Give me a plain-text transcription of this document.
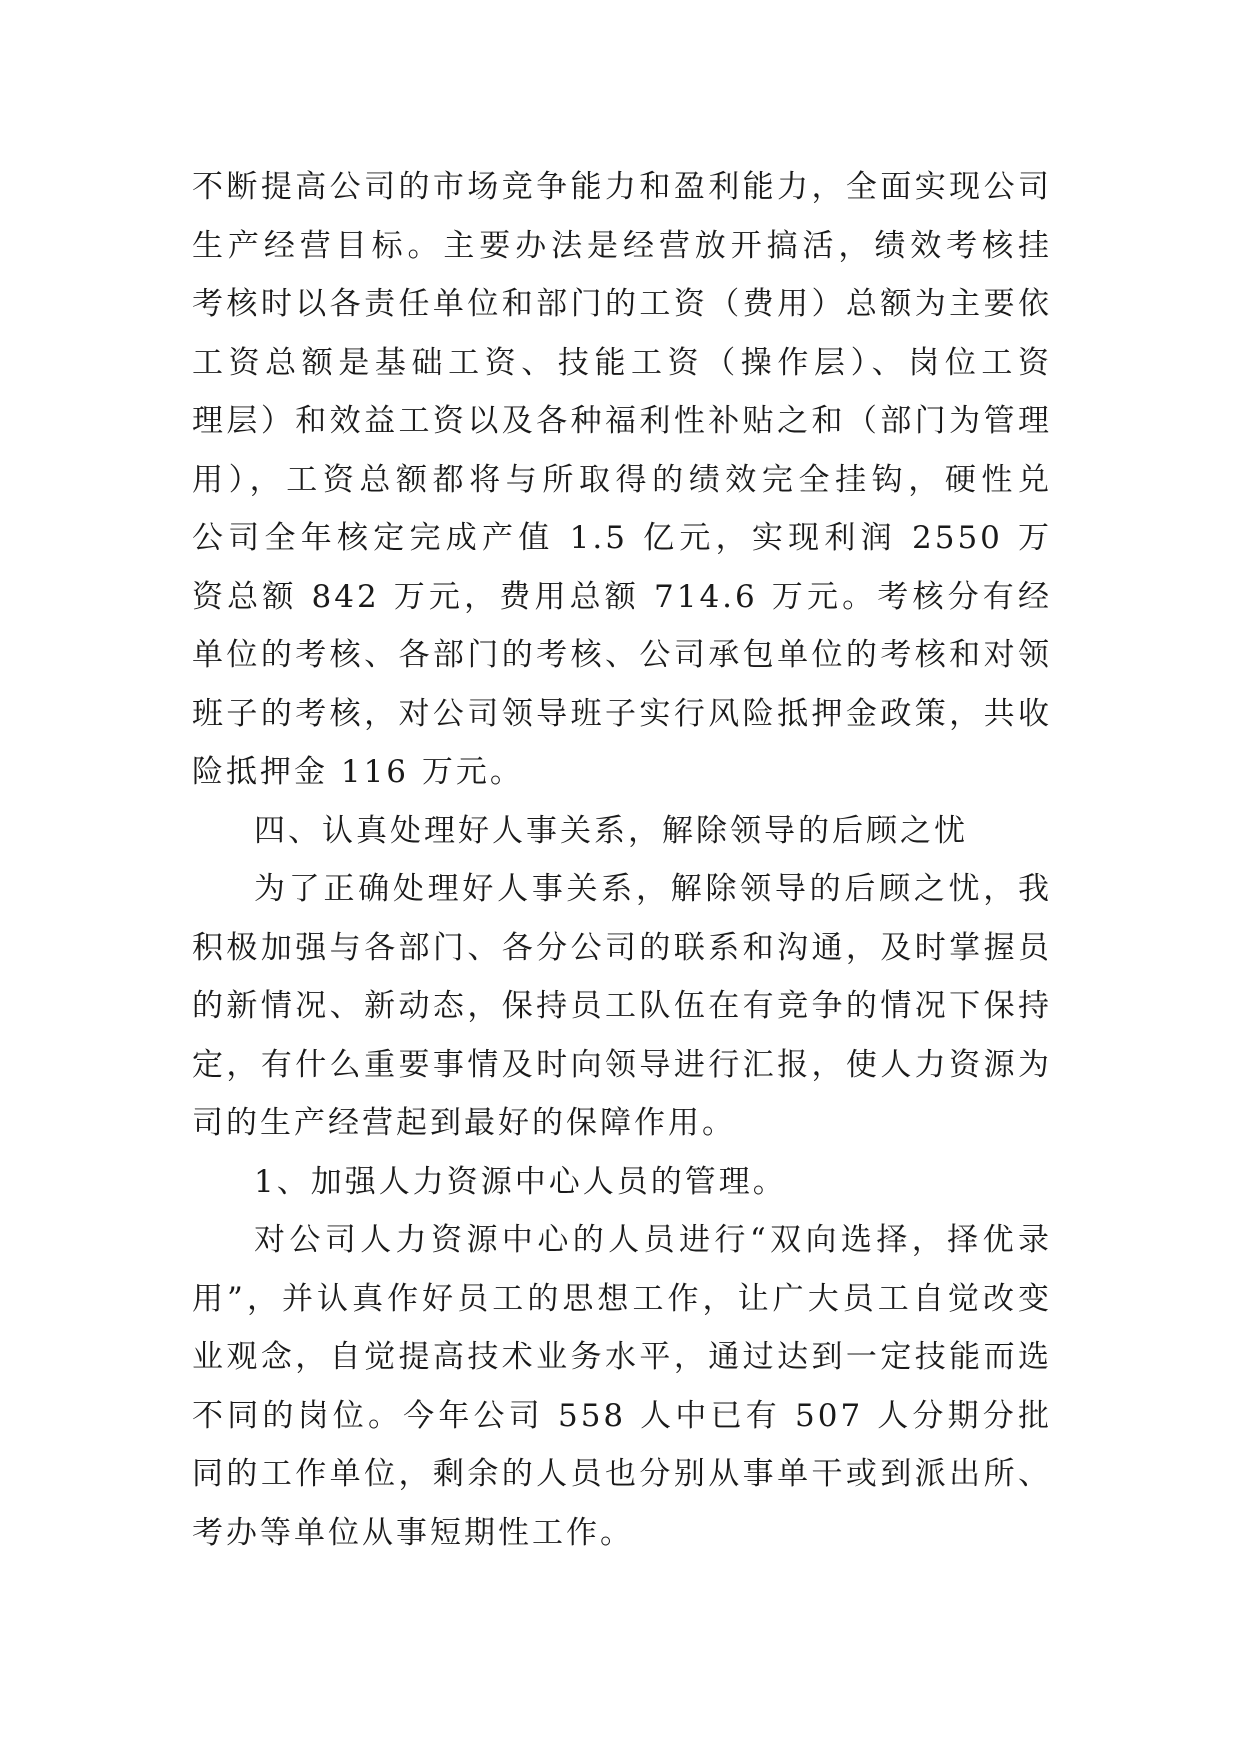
不断提高公司的市场竞争能力和盈利能力，全面实现公司
生产经营目标。主要办法是经营放开搞活，绩效考核挂
考核时以各责任单位和部门的工资（费用）总额为主要依
工资总额是基础工资、技能工资（操作层）、岗位工资
理层）和效益工资以及各种福利性补贴之和（部门为管理
用），工资总额都将与所取得的绩效完全挂钩，硬性兑
公司全年核定完成产值 1.5 亿元，实现利润 2550 万
资总额 842 万元，费用总额 714.6 万元。考核分有经
单位的考核、各部门的考核、公司承包单位的考核和对领
班子的考核，对公司领导班子实行风险抵押金政策，共收
险抵押金 116 万元。
四、认真处理好人事关系，解除领导的后顾之忧
为了正确处理好人事关系，解除领导的后顾之忧，我
积极加强与各部门、各分公司的联系和沟通，及时掌握员
的新情况、新动态，保持员工队伍在有竞争的情况下保持
定，有什么重要事情及时向领导进行汇报，使人力资源为
司的生产经营起到最好的保障作用。
1、加强人力资源中心人员的管理。
对公司人力资源中心的人员进行“双向选择，择优录
用”，并认真作好员工的思想工作，让广大员工自觉改变
业观念，自觉提高技术业务水平，通过达到一定技能而选
不同的岗位。今年公司 558 人中已有 507 人分期分批
同的工作单位，剩余的人员也分别从事单干或到派出所、
考办等单位从事短期性工作。
